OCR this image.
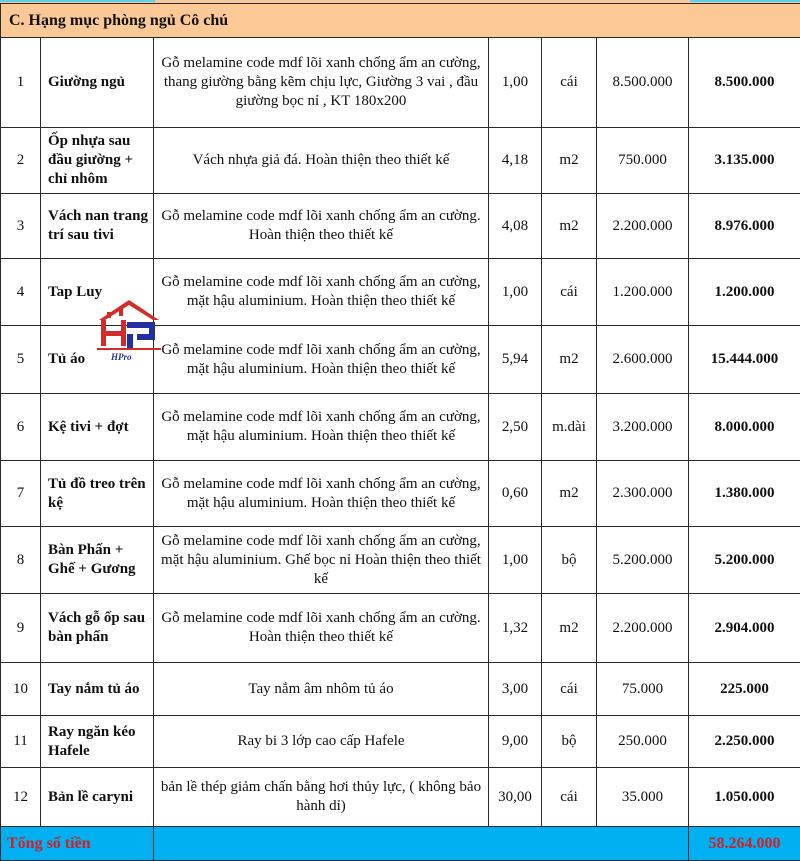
C. Hạng mục phòng ngủ Cô chú						
1	Giường ngủ	Gỗ melamine code mdf lõi xanh chống ẩm an cường, thang giường bằng kẽm chịu lực, Giường 3 vai , đầu giường bọc nỉ , KT 180x200	1,00	cái	8.500.000	8.500.000
2	Ốp nhựa sau đầu giường + chỉ nhôm	Vách nhựa giả đá. Hoàn thiện theo thiết kế	4,18	m2	750.000	3.135.000
3	Vách nan trang trí sau tivi	Gỗ melamine code mdf lõi xanh chống ẩm an cường. Hoàn thiện theo thiết kế	4,08	m2	2.200.000	8.976.000
4	Tap Luy	Gỗ melamine code mdf lõi xanh chống ẩm an cường, mặt hậu aluminium. Hoàn thiện theo thiết kế	1,00	cái	1.200.000	1.200.000
5	Tủ áo	Gỗ melamine code mdf lõi xanh chống ẩm an cường, mặt hậu aluminium. Hoàn thiện theo thiết kế	5,94	m2	2.600.000	15.444.000
6	Kệ tivi + đợt	Gỗ melamine code mdf lõi xanh chống ẩm an cường, mặt hậu aluminium. Hoàn thiện theo thiết kế	2,50	m.dài	3.200.000	8.000.000
7	Tủ đồ treo trên kệ	Gỗ melamine code mdf lõi xanh chống ẩm an cường, mặt hậu aluminium. Hoàn thiện theo thiết kế	0,60	m2	2.300.000	1.380.000
8	Bàn Phấn + Ghế + Gương	Gỗ melamine code mdf lõi xanh chống ẩm an cường, mặt hậu aluminium. Ghế bọc nỉ Hoàn thiện theo thiết kế	1,00	bộ	5.200.000	5.200.000
9	Vách gỗ ốp sau bàn phấn	Gỗ melamine code mdf lõi xanh chống ẩm an cường. Hoàn thiện theo thiết kế	1,32	m2	2.200.000	2.904.000
10	Tay nắm tủ áo	Tay nắm âm nhôm tủ áo	3,00	cái	75.000	225.000
11	Ray ngăn kéo Hafele	Ray bi 3 lớp cao cấp Hafele	9,00	bộ	250.000	2.250.000
12	Bản lề caryni	bản lề thép giảm chấn bằng hơi thủy lực, ( không bảo hành dỉ)	30,00	cái	35.000	1.050.000
Tổng số tiền						58.264.000
HPro
